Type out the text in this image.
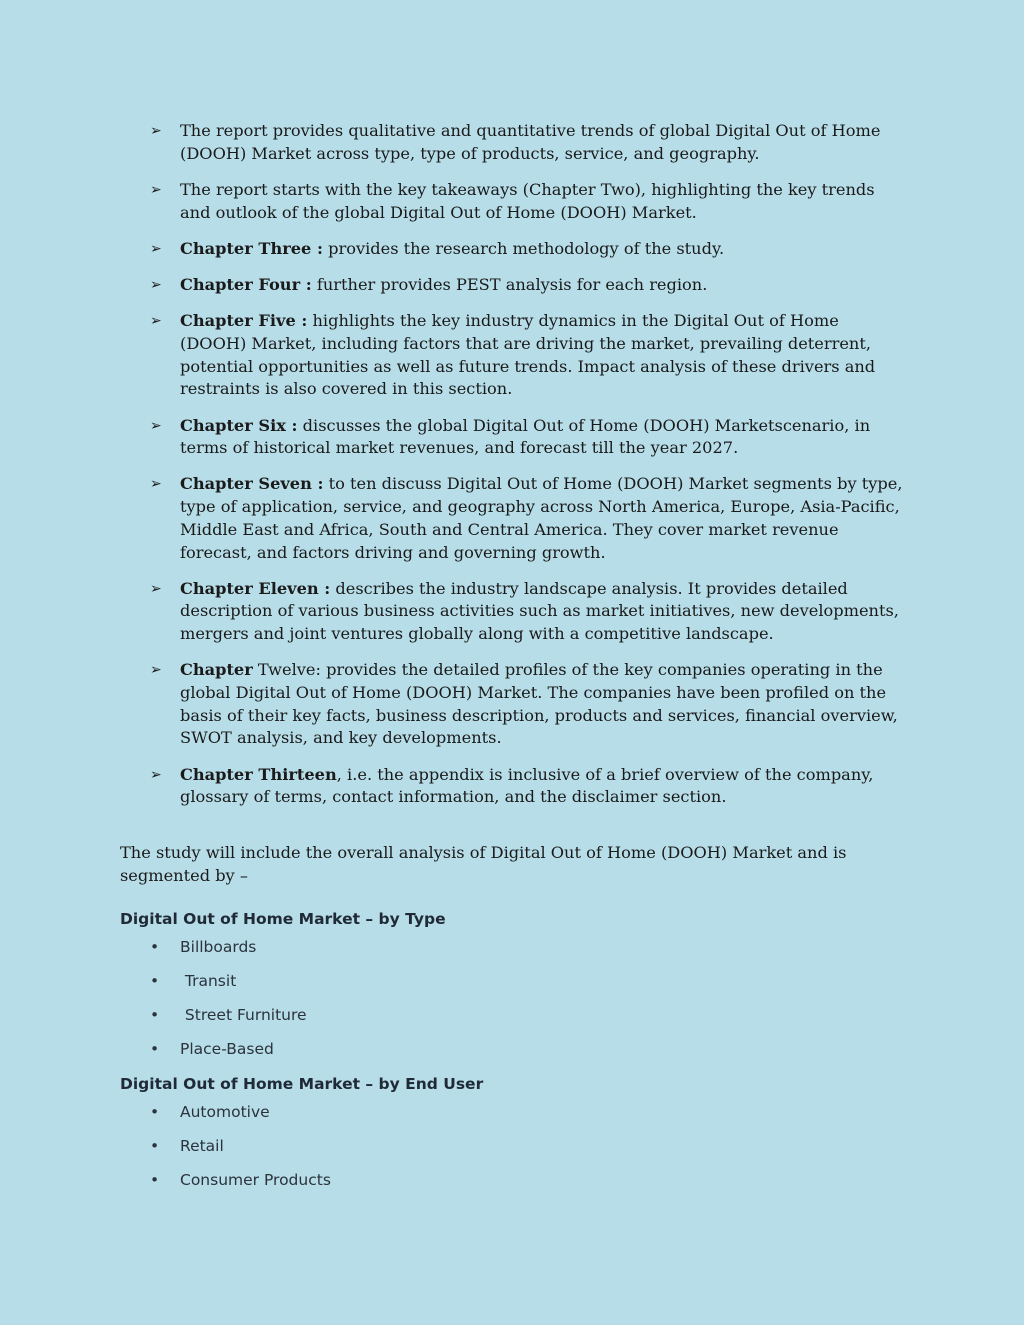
➢ The report provides qualitative and quantitative trends of global Digital Out of Home (DOOH) Market across type, type of products, service, and geography.
➢ The report starts with the key takeaways (Chapter Two), highlighting the key trends and outlook of the global Digital Out of Home (DOOH) Market.
➢ Chapter Three : provides the research methodology of the study.
➢ Chapter Four : further provides PEST analysis for each region.
➢ Chapter Five : highlights the key industry dynamics in the Digital Out of Home (DOOH) Market, including factors that are driving the market, prevailing deterrent, potential opportunities as well as future trends. Impact analysis of these drivers and restraints is also covered in this section.
➢ Chapter Six : discusses the global Digital Out of Home (DOOH) Marketscenario, in terms of historical market revenues, and forecast till the year 2027.
➢ Chapter Seven : to ten discuss Digital Out of Home (DOOH) Market segments by type, type of application, service, and geography across North America, Europe, Asia-Pacific, Middle East and Africa, South and Central America. They cover market revenue forecast, and factors driving and governing growth.
➢ Chapter Eleven : describes the industry landscape analysis. It provides detailed description of various business activities such as market initiatives, new developments, mergers and joint ventures globally along with a competitive landscape.
➢ Chapter Twelve: provides the detailed profiles of the key companies operating in the global Digital Out of Home (DOOH) Market. The companies have been profiled on the basis of their key facts, business description, products and services, financial overview, SWOT analysis, and key developments.
➢ Chapter Thirteen, i.e. the appendix is inclusive of a brief overview of the company, glossary of terms, contact information, and the disclaimer section.

The study will include the overall analysis of Digital Out of Home (DOOH) Market and is segmented by –

Digital Out of Home Market – by Type
• Billboards
• Transit
• Street Furniture
• Place-Based
Digital Out of Home Market – by End User
• Automotive
• Retail
• Consumer Products
